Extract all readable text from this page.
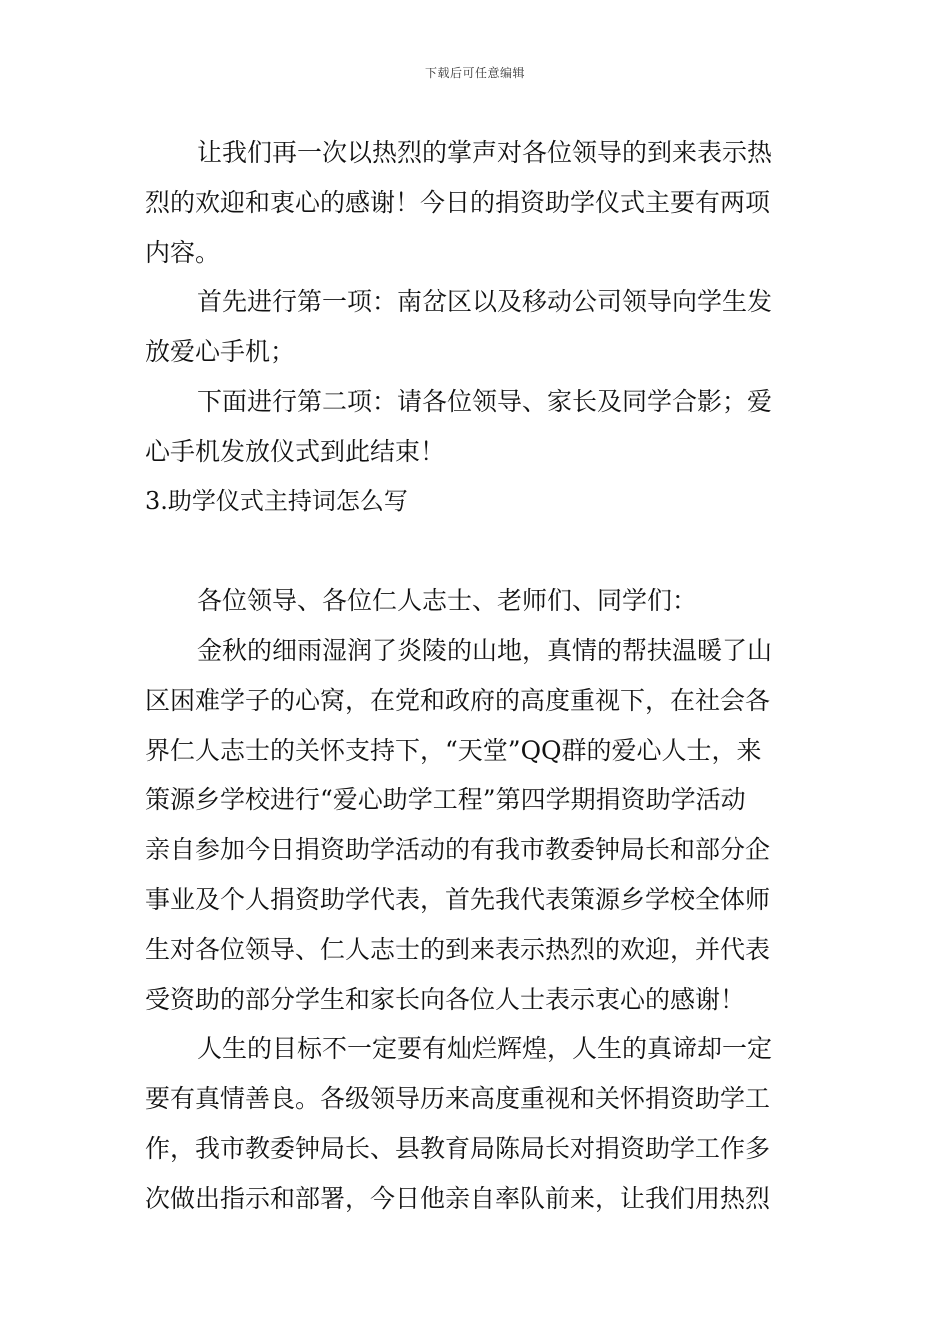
下载后可任意编辑
让我们再一次以热烈的掌声对各位领导的到来表示热
烈的欢迎和衷心的感谢！今日的捐资助学仪式主要有两项
内容。
首先进行第一项：南岔区以及移动公司领导向学生发
放爱心手机；
下面进行第二项：请各位领导、家长及同学合影；爱
心手机发放仪式到此结束！
3.助学仪式主持词怎么写
各位领导、各位仁人志士、老师们、同学们：
金秋的细雨湿润了炎陵的山地，真情的帮扶温暖了山
区困难学子的心窝，在党和政府的高度重视下，在社会各
界仁人志士的关怀支持下，“天堂”QQ群的爱心人士，来
策源乡学校进行“爱心助学工程”第四学期捐资助学活动
亲自参加今日捐资助学活动的有我市教委钟局长和部分企
事业及个人捐资助学代表，首先我代表策源乡学校全体师
生对各位领导、仁人志士的到来表示热烈的欢迎，并代表
受资助的部分学生和家长向各位人士表示衷心的感谢！
人生的目标不一定要有灿烂辉煌，人生的真谛却一定
要有真情善良。各级领导历来高度重视和关怀捐资助学工
作，我市教委钟局长、县教育局陈局长对捐资助学工作多
次做出指示和部署，今日他亲自率队前来，让我们用热烈
